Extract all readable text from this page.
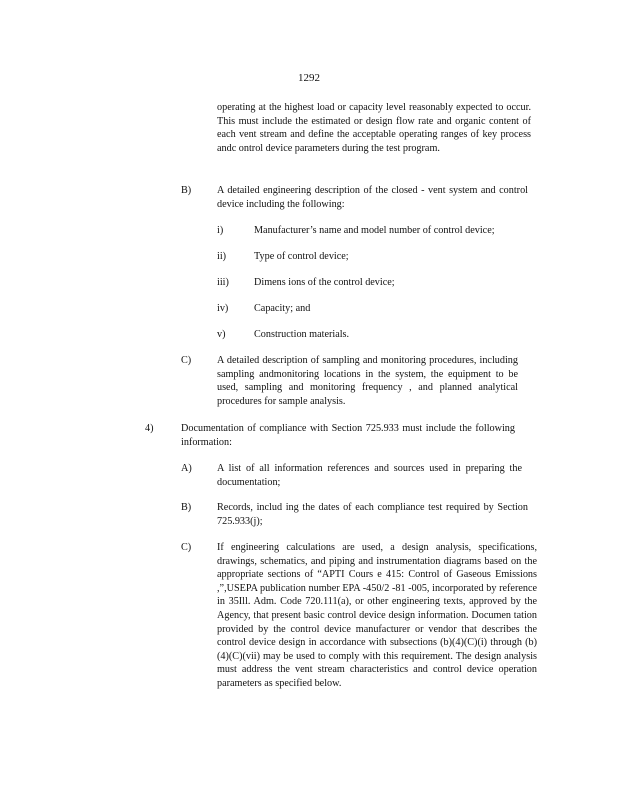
1292
operating at the highest load or capacity level reasonably expected to occur. This must include the estimated or design flow rate and organic content of each vent stream and define the acceptable operating ranges of key process andc ontrol device parameters during the test program.
B)	A detailed engineering description of the closed - vent system and control device including the following:
i)	Manufacturer’s name and model number of control device;
ii)	Type of control device;
iii) Dimens ions of the control device;
iv)	Capacity; and
v)	Construction materials.
C)	A detailed description of sampling and monitoring procedures, including sampling andmonitoring locations in the system, the equipment to be used, sampling and monitoring frequency , and planned analytical procedures for sample analysis.
4)	Documentation of compliance with Section 725.933 must include the following information:
A) A list of all information references and sources used in preparing the documentation;
B)	Records, includ ing the dates of each compliance test required by Section 725.933(j);
C)	If engineering calculations are used, a design analysis, specifications, drawings, schematics, and piping and instrumentation diagrams based on the appropriate sections of “APTI Cours e 415: Control of Gaseous Emissions ,”,USEPA publication number EPA -450/2 -81 -005, incorporated by reference in 35Ill. Adm. Code 720.111(a), or other engineering texts, approved by the Agency, that present basic control device design information. Documen tation provided by the control device manufacturer or vendor that describes the control device design in accordance with subsections (b)(4)(C)(i) through (b)(4)(C)(vii) may be used to comply with this requirement. The design analysis must address the vent stream characteristics and control device operation parameters as specified below.
